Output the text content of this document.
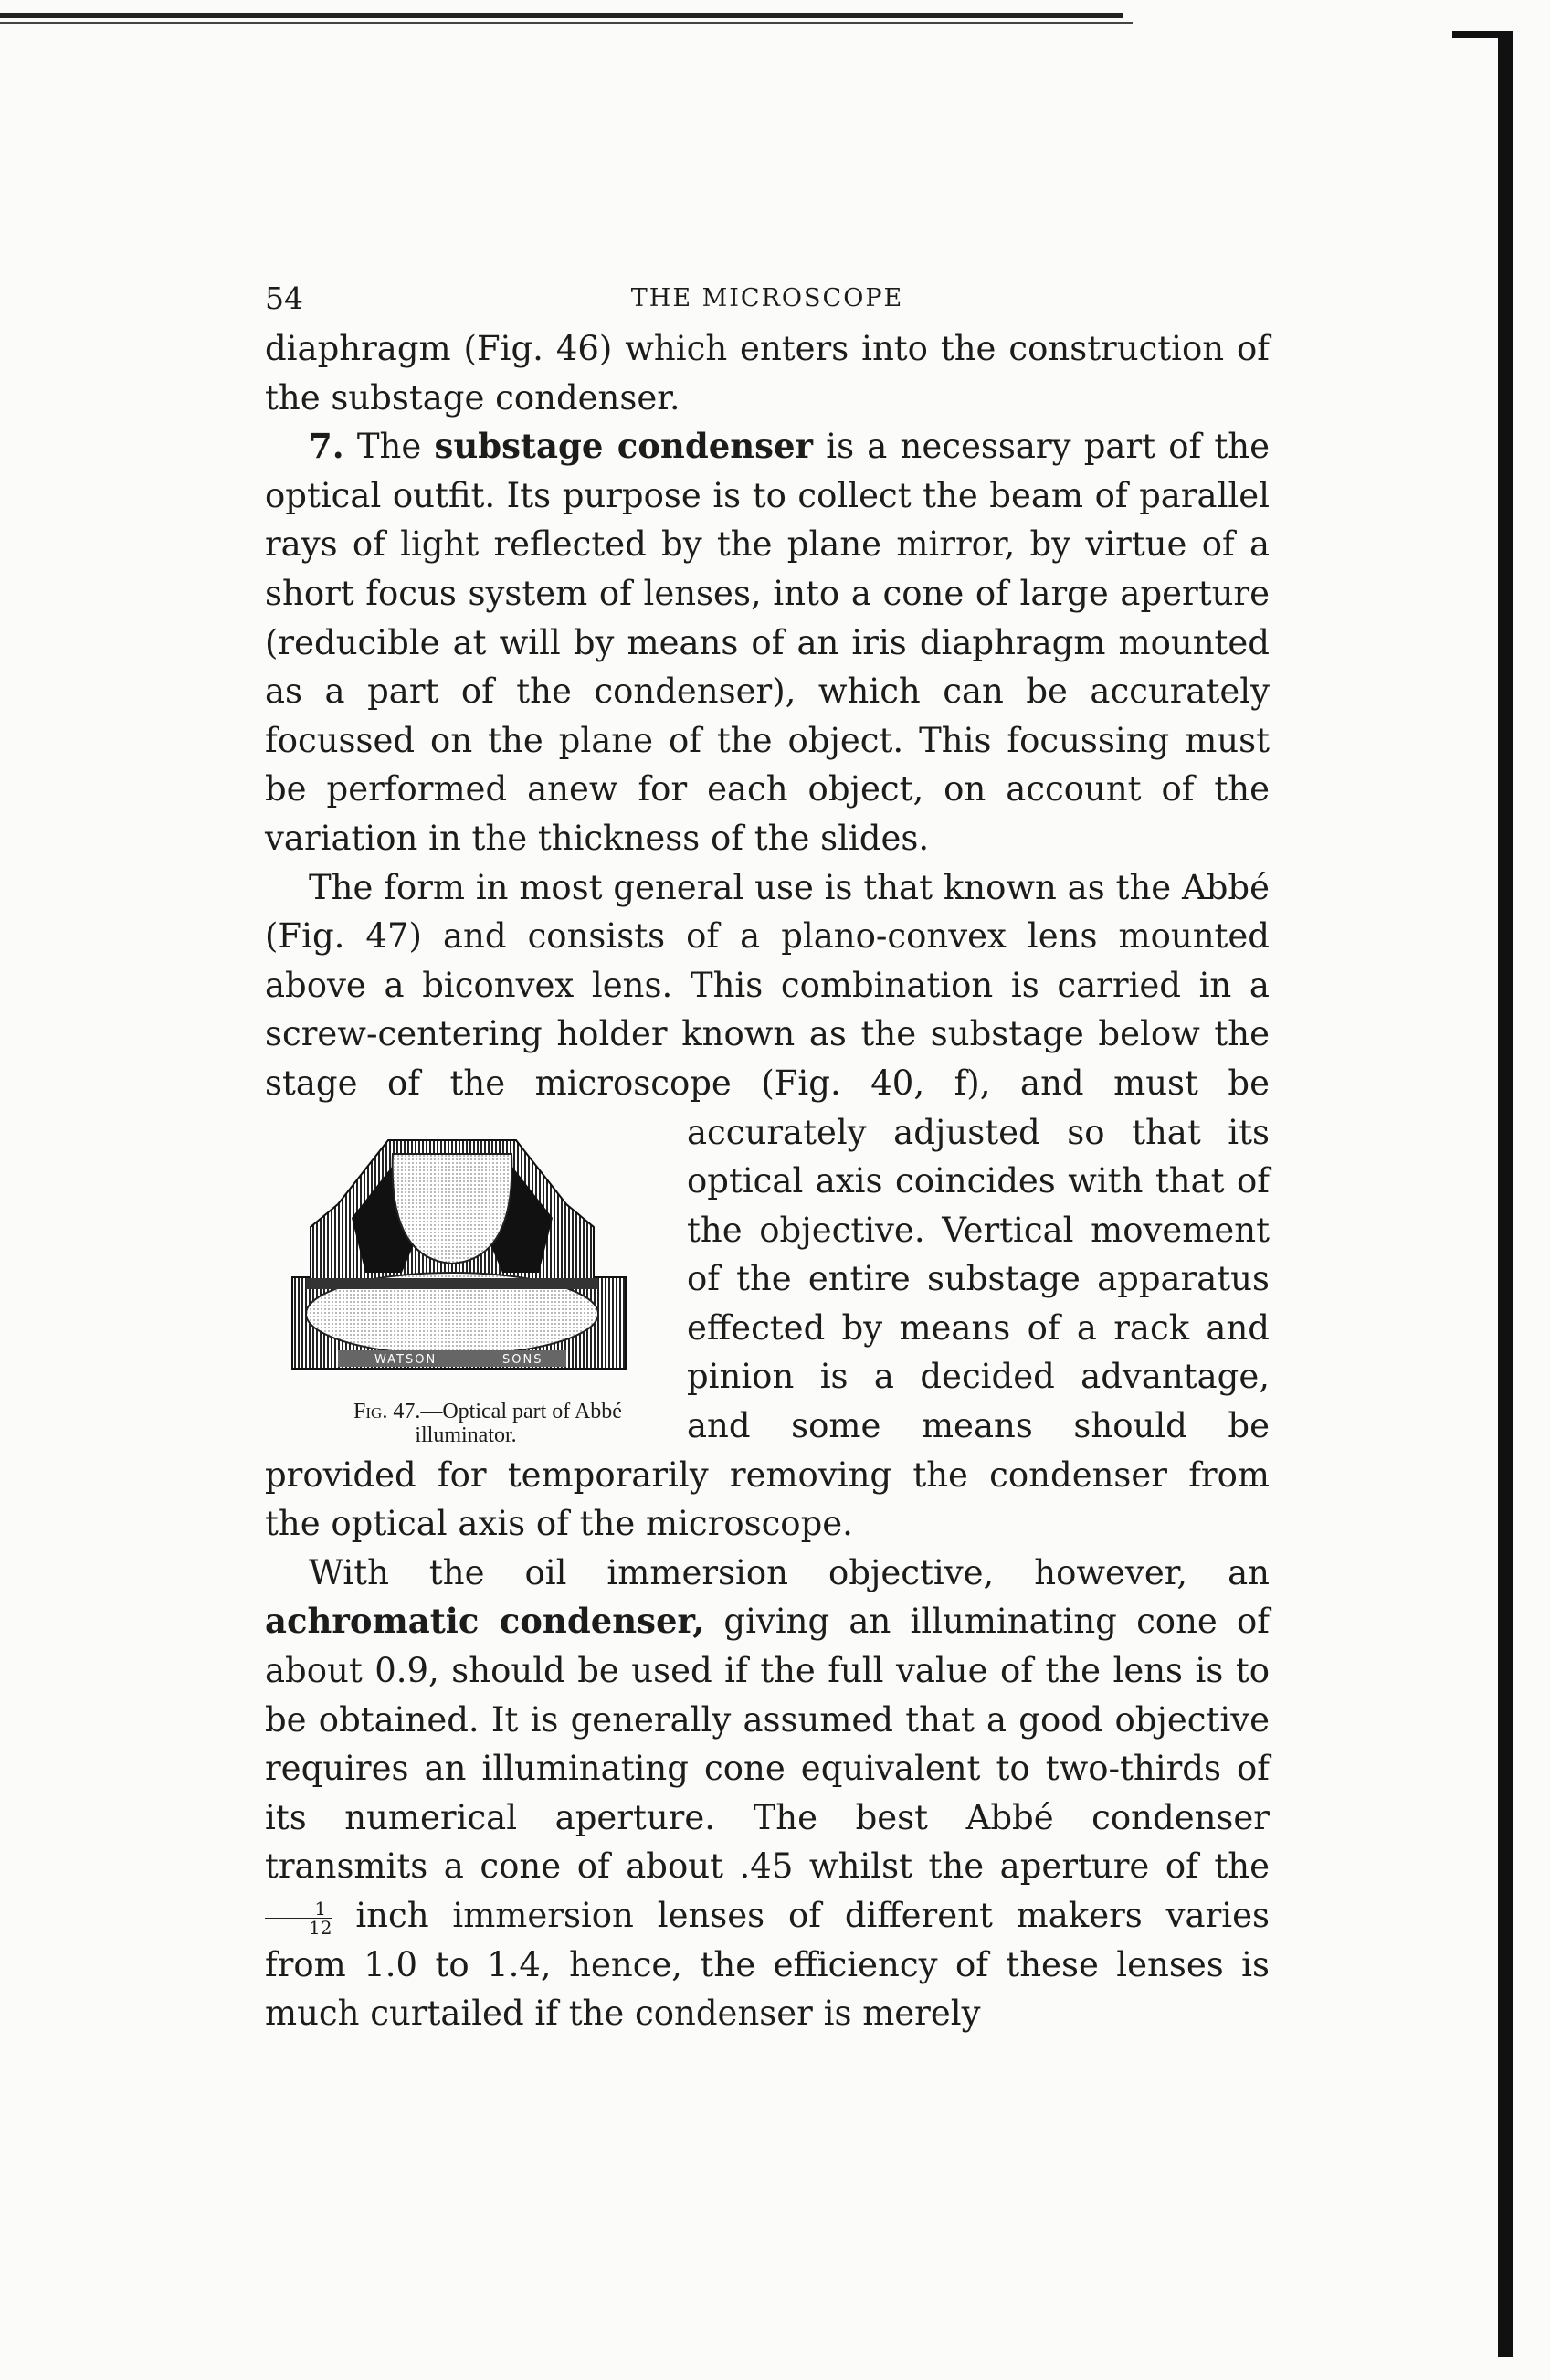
54	THE MICROSCOPE

diaphragm (Fig. 46) which enters into the construction of the substage condenser.

7. The substage condenser is a necessary part of the optical outfit. Its purpose is to collect the beam of parallel rays of light reflected by the plane mirror, by virtue of a short focus system of lenses, into a cone of large aperture (reducible at will by means of an iris diaphragm mounted as a part of the condenser), which can be accurately focussed on the plane of the object. This focussing must be performed anew for each object, on account of the variation in the thickness of the slides.

The form in most general use is that known as the Abbé (Fig. 47) and consists of a plano-convex lens mounted above a biconvex lens. This combination is carried in a screw-centering holder known as the substage below the stage of the microscope (Fig. 40, f),
WATSON	SONS
Fig. 47.—Optical part of Abbé illuminator.
and must be accurately adjusted so that its optical axis coincides with that of the objective. Vertical movement of the entire substage apparatus effected by means of a rack and pinion is a decided advantage, and some means should be provided for temporarily removing the condenser from the optical axis of the microscope.

With the oil immersion objective, however, an achromatic condenser, giving an illuminating cone of about 0.9, should be used if the full value of the lens is to be obtained. It is generally assumed that a good objective requires an illuminating cone equivalent to two-thirds of its numerical aperture. The best Abbé condenser transmits a cone of about .45 whilst the aperture of the
$\frac{1}{12}$ inch immersion lenses of different makers varies from 1.0 to 1.4, hence, the efficiency of these lenses is much curtailed if the condenser is merely
